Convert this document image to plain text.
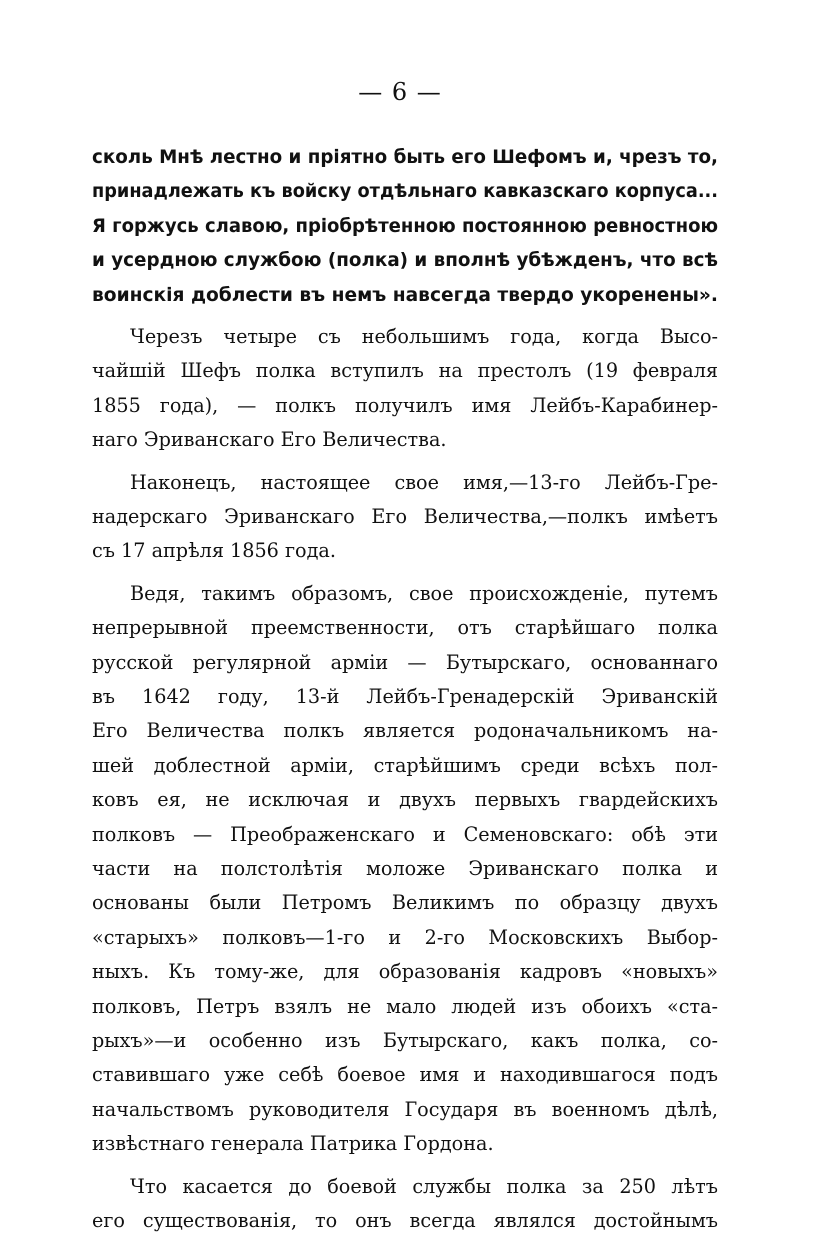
— 6 —
сколь Мнѣ лестно и пріятно быть его Шефомъ и, чрезъ то,
принадлежать къ войску отдѣльнаго кавказскаго корпуса...
Я горжусь славою, пріобрѣтенною постоянною ревностною
и усердною службою (полка) и вполнѣ убѣжденъ, что всѣ
воинскія доблести въ немъ навсегда твердо укоренены».
Черезъ четыре съ небольшимъ года, когда Высо-
чайшій Шефъ полка вступилъ на престолъ (19 февраля
1855 года), — полкъ получилъ имя Лейбъ-Карабинер-
наго Эриванскаго Его Величества.
Наконецъ, настоящее свое имя,—13-го Лейбъ-Гре-
надерскаго Эриванскаго Его Величества,—полкъ имѣетъ
съ 17 апрѣля 1856 года.
Ведя, такимъ образомъ, свое происхожденіе, путемъ
непрерывной преемственности, отъ старѣйшаго полка
русской регулярной арміи — Бутырскаго, основаннаго
въ 1642 году, 13-й Лейбъ-Гренадерскій Эриванскій
Его Величества полкъ является родоначальникомъ на-
шей доблестной арміи, старѣйшимъ среди всѣхъ пол-
ковъ ея, не исключая и двухъ первыхъ гвардейскихъ
полковъ — Преображенскаго и Семеновскаго: обѣ эти
части на полстолѣтія моложе Эриванскаго полка и
основаны были Петромъ Великимъ по образцу двухъ
«старыхъ» полковъ—1-го и 2-го Московскихъ Выбор-
ныхъ. Къ тому-же, для образованія кадровъ «новыхъ»
полковъ, Петръ взялъ не мало людей изъ обоихъ «ста-
рыхъ»—и особенно изъ Бутырскаго, какъ полка, со-
ставившаго уже себѣ боевое имя и находившагося подъ
начальствомъ руководителя Государя въ военномъ дѣлѣ,
извѣстнаго генерала Патрика Гордона.
Что касается до боевой службы полка за 250 лѣтъ
его существованія, то онъ всегда являлся достойнымъ
